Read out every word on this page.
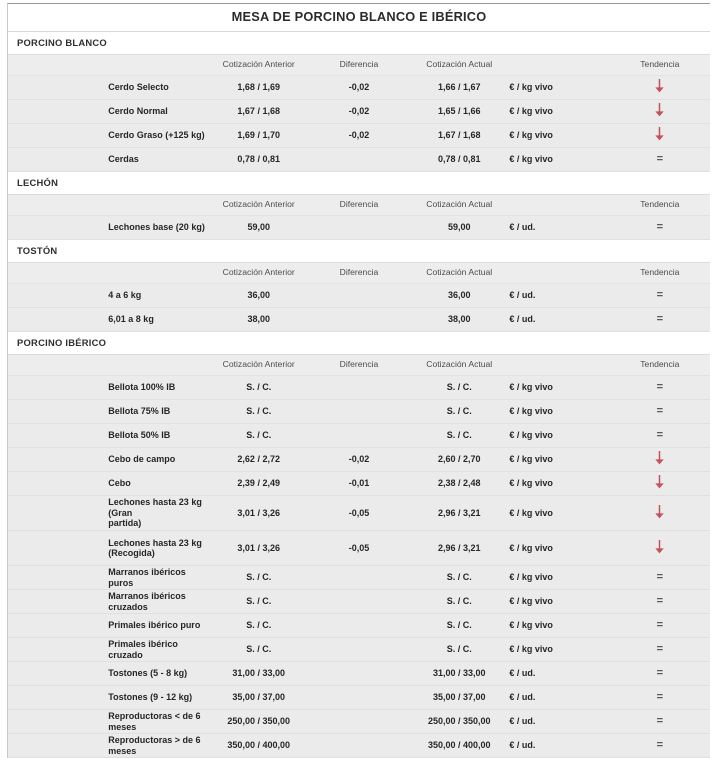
MESA DE PORCINO BLANCO E IBÉRICO						
PORCINO BLANCO						
		Cotización Anterior	Diferencia	Cotización Actual		Tendencia

	Cerdo Selecto	1,68 / 1,69	-0,02	1,66 / 1,67	€ / kg vivo	

	Cerdo Normal	1,67 / 1,68	-0,02	1,65 / 1,66	€ / kg vivo	

	Cerdo Graso (+125 kg)	1,69 / 1,70	-0,02	1,67 / 1,68	€ / kg vivo	

	Cerdas	0,78 / 0,81		0,78 / 0,81	€ / kg vivo	=
LECHÓN						
		Cotización Anterior	Diferencia	Cotización Actual		Tendencia

	Lechones base (20 kg)	59,00		59,00	€ / ud.	=
TOSTÓN						
		Cotización Anterior	Diferencia	Cotización Actual		Tendencia

	4 a 6 kg	36,00		36,00	€ / ud.	=

	6,01 a 8 kg	38,00		38,00	€ / ud.	=
PORCINO IBÉRICO						
		Cotización Anterior	Diferencia	Cotización Actual		Tendencia

	Bellota 100% IB	S. / C.		S. / C.	€ / kg vivo	=

	Bellota 75% IB	S. / C.		S. / C.	€ / kg vivo	=

	Bellota 50% IB	S. / C.		S. / C.	€ / kg vivo	=

	Cebo de campo	2,62 / 2,72	-0,02	2,60 / 2,70	€ / kg vivo	

	Cebo	2,39 / 2,49	-0,01	2,38 / 2,48	€ / kg vivo	

	Lechones hasta 23 kg (Gran
partida)	3,01 / 3,26	-0,05	2,96 / 3,21	€ / kg vivo	

	Lechones hasta 23 kg
(Recogida)	3,01 / 3,26	-0,05	2,96 / 3,21	€ / kg vivo	

	Marranos ibéricos puros	S. / C.		S. / C.	€ / kg vivo	=

	Marranos ibéricos cruzados	S. / C.		S. / C.	€ / kg vivo	=

	Primales ibérico puro	S. / C.		S. / C.	€ / kg vivo	=

	Primales ibérico cruzado	S. / C.		S. / C.	€ / kg vivo	=

	Tostones (5 - 8 kg)	31,00 / 33,00		31,00 / 33,00	€ / ud.	=

	Tostones (9 - 12 kg)	35,00 / 37,00		35,00 / 37,00	€ / ud.	=

	Reproductoras < de 6 meses	250,00 / 350,00		250,00 / 350,00	€ / ud.	=

	Reproductoras > de 6 meses	350,00 / 400,00		350,00 / 400,00	€ / ud.	=
